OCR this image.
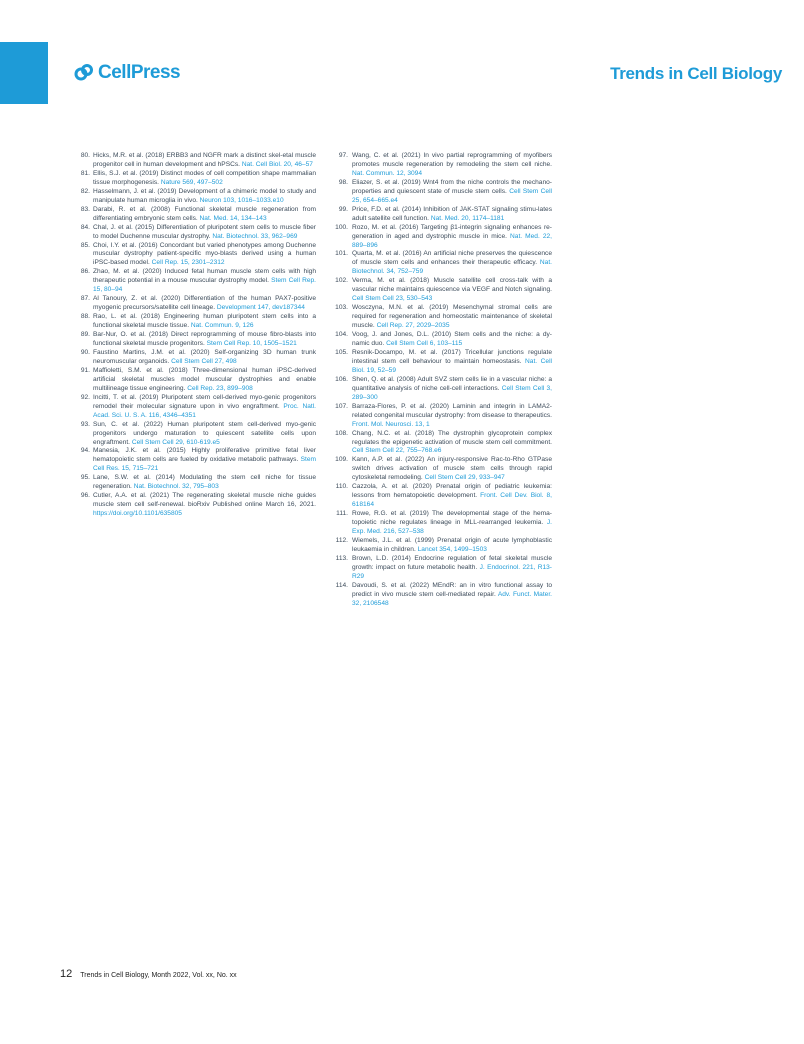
CellPress	Trends in Cell Biology
80. Hicks, M.R. et al. (2018) ERBB3 and NGFR mark a distinct skel-etal muscle progenitor cell in human development and hPSCs. Nat. Cell Biol. 20, 46–57
81. Ellis, S.J. et al. (2019) Distinct modes of cell competition shape mammalian tissue morphogenesis. Nature 569, 497–502
82. Hasselmann, J. et al. (2019) Development of a chimeric model to study and manipulate human microglia in vivo. Neuron 103, 1016–1033.e10
83. Darabi, R. et al. (2008) Functional skeletal muscle regeneration from differentiating embryonic stem cells. Nat. Med. 14, 134–143
84. Chal, J. et al. (2015) Differentiation of pluripotent stem cells to muscle fiber to model Duchenne muscular dystrophy. Nat. Biotechnol. 33, 962–969
85. Choi, I.Y. et al. (2016) Concordant but varied phenotypes among Duchenne muscular dystrophy patient-specific myo-blasts derived using a human iPSC-based model. Cell Rep. 15, 2301–2312
86. Zhao, M. et al. (2020) Induced fetal human muscle stem cells with high therapeutic potential in a mouse muscular dystrophy model. Stem Cell Rep. 15, 80–94
87. Al Tanoury, Z. et al. (2020) Differentiation of the human PAX7-positive myogenic precursors/satellite cell lineage. Development 147, dev187344
88. Rao, L. et al. (2018) Engineering human pluripotent stem cells into a functional skeletal muscle tissue. Nat. Commun. 9, 126
89. Bar-Nur, O. et al. (2018) Direct reprogramming of mouse fibro-blasts into functional skeletal muscle progenitors. Stem Cell Rep. 10, 1505–1521
90. Faustino Martins, J.M. et al. (2020) Self-organizing 3D human trunk neuromuscular organoids. Cell Stem Cell 27, 498
91. Maffioletti, S.M. et al. (2018) Three-dimensional human iPSC-derived artificial skeletal muscles model muscular dystrophies and enable multilineage tissue engineering. Cell Rep. 23, 899–908
92. Incitti, T. et al. (2019) Pluripotent stem cell-derived myo-genic progenitors remodel their molecular signature upon in vivo engraftment. Proc. Natl. Acad. Sci. U. S. A. 116, 4346–4351
93. Sun, C. et al. (2022) Human pluripotent stem cell-derived myo-genic progenitors undergo maturation to quiescent satellite cells upon engraftment. Cell Stem Cell 29, 610-619.e5
94. Manesia, J.K. et al. (2015) Highly proliferative primitive fetal liver hematopoietic stem cells are fueled by oxidative metabolic pathways. Stem Cell Res. 15, 715–721
95. Lane, S.W. et al. (2014) Modulating the stem cell niche for tissue regeneration. Nat. Biotechnol. 32, 795–803
96. Cutler, A.A. et al. (2021) The regenerating skeletal muscle niche guides muscle stem cell self-renewal. bioRxiv Published online March 16, 2021. https://doi.org/10.1101/635805
97. Wang, C. et al. (2021) In vivo partial reprogramming of myofibers promotes muscle regeneration by remodeling the stem cell niche. Nat. Commun. 12, 3094
98. Eliazer, S. et al. (2019) Wnt4 from the niche controls the mechano-properties and quiescent state of muscle stem cells. Cell Stem Cell 25, 654–665.e4
99. Price, F.D. et al. (2014) Inhibition of JAK-STAT signaling stimu-lates adult satellite cell function. Nat. Med. 20, 1174–1181
100. Rozo, M. et al. (2016) Targeting β1-integrin signaling enhances re-generation in aged and dystrophic muscle in mice. Nat. Med. 22, 889–896
101. Quarta, M. et al. (2016) An artificial niche preserves the quiescence of muscle stem cells and enhances their therapeutic efficacy. Nat. Biotechnol. 34, 752–759
102. Verma, M. et al. (2018) Muscle satellite cell cross-talk with a vascular niche maintains quiescence via VEGF and Notch signaling. Cell Stem Cell 23, 530–543
103. Wosczyna, M.N. et al. (2019) Mesenchymal stromal cells are required for regeneration and homeostatic maintenance of skeletal muscle. Cell Rep. 27, 2029–2035
104. Voog, J. and Jones, D.L. (2010) Stem cells and the niche: a dy-namic duo. Cell Stem Cell 6, 103–115
105. Resnik-Docampo, M. et al. (2017) Tricellular junctions regulate intestinal stem cell behaviour to maintain homeostasis. Nat. Cell Biol. 19, 52–59
106. Shen, Q. et al. (2008) Adult SVZ stem cells lie in a vascular niche: a quantitative analysis of niche cell-cell interactions. Cell Stem Cell 3, 289–300
107. Barraza-Flores, P. et al. (2020) Laminin and integrin in LAMA2-related congenital muscular dystrophy: from disease to therapeutics. Front. Mol. Neurosci. 13, 1
108. Chang, N.C. et al. (2018) The dystrophin glycoprotein complex regulates the epigenetic activation of muscle stem cell commitment. Cell Stem Cell 22, 755–768.e6
109. Kann, A.P. et al. (2022) An injury-responsive Rac-to-Rho GTPase switch drives activation of muscle stem cells through rapid cytoskeletal remodeling. Cell Stem Cell 29, 933–947
110. Cazzola, A. et al. (2020) Prenatal origin of pediatric leukemia: lessons from hematopoietic development. Front. Cell Dev. Biol. 8, 618164
111. Rowe, R.G. et al. (2019) The developmental stage of the hema-topoietic niche regulates lineage in MLL-rearranged leukemia. J. Exp. Med. 216, 527–538
112. Wiemels, J.L. et al. (1999) Prenatal origin of acute lymphoblastic leukaemia in children. Lancet 354, 1499–1503
113. Brown, L.D. (2014) Endocrine regulation of fetal skeletal muscle growth: impact on future metabolic health. J. Endocrinol. 221, R13-R29
114. Davoudi, S. et al. (2022) MEndR: an in vitro functional assay to predict in vivo muscle stem cell-mediated repair. Adv. Funct. Mater. 32, 2106548
12 Trends in Cell Biology, Month 2022, Vol. xx, No. xx
